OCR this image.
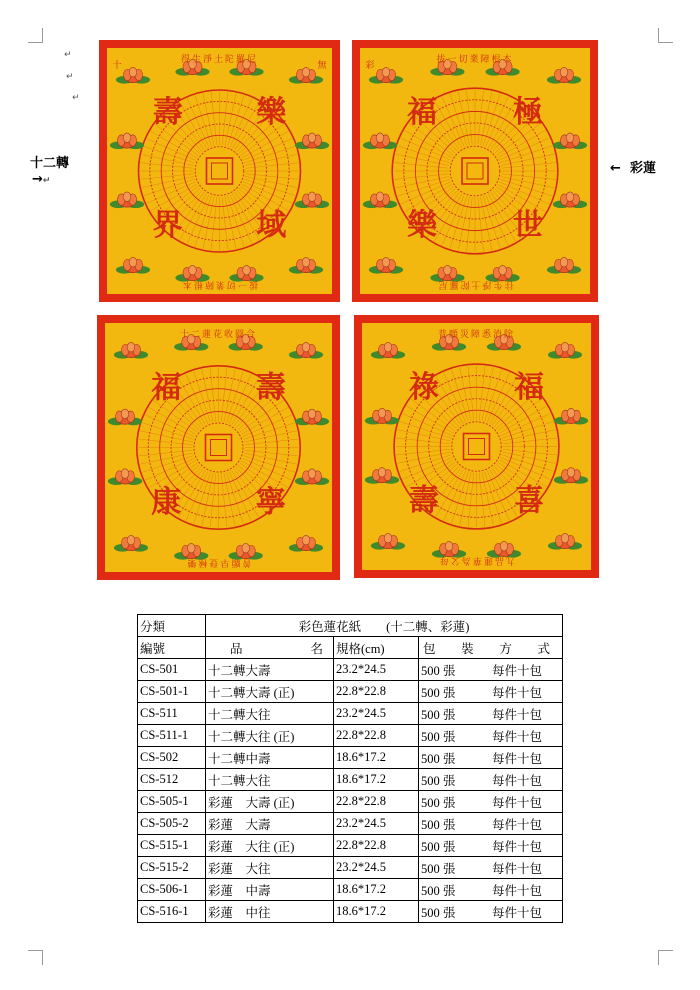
↵
↵
↵
十二轉
→↵
← 彩蓮
得生淨土陀羅尼
拔一切業障根本
壽 樂
界 域
十	無
拔一切業障根本
往生淨土陀羅尼
福	極
樂	世
彩
十二蓮花收圓合
普願早登極樂
福 壽
康 寧
普願災障悉消除
九品蓮華為父母
祿	福
壽	喜
分類	彩色蓮花紙　　(十二轉、彩蓮)		
編號	品 名	規格(cm)	包 裝 方 式

CS-501	十二轉大壽	23.2*24.5	500 張 每件十包

CS-501-1	十二轉大壽 (正)	22.8*22.8	500 張 每件十包

CS-511	十二轉大往	23.2*24.5	500 張 每件十包

CS-511-1	十二轉大往 (正)	22.8*22.8	500 張 每件十包

CS-502	十二轉中壽	18.6*17.2	500 張 每件十包

CS-512	十二轉大往	18.6*17.2	500 張 每件十包

CS-505-1	彩蓮　大壽 (正)	22.8*22.8	500 張 每件十包

CS-505-2	彩蓮　大壽	23.2*24.5	500 張 每件十包

CS-515-1	彩蓮　大往 (正)	22.8*22.8	500 張 每件十包

CS-515-2	彩蓮　大往	23.2*24.5	500 張 每件十包

CS-506-1	彩蓮　中壽	18.6*17.2	500 張 每件十包

CS-516-1	彩蓮　中往	18.6*17.2	500 張 每件十包
